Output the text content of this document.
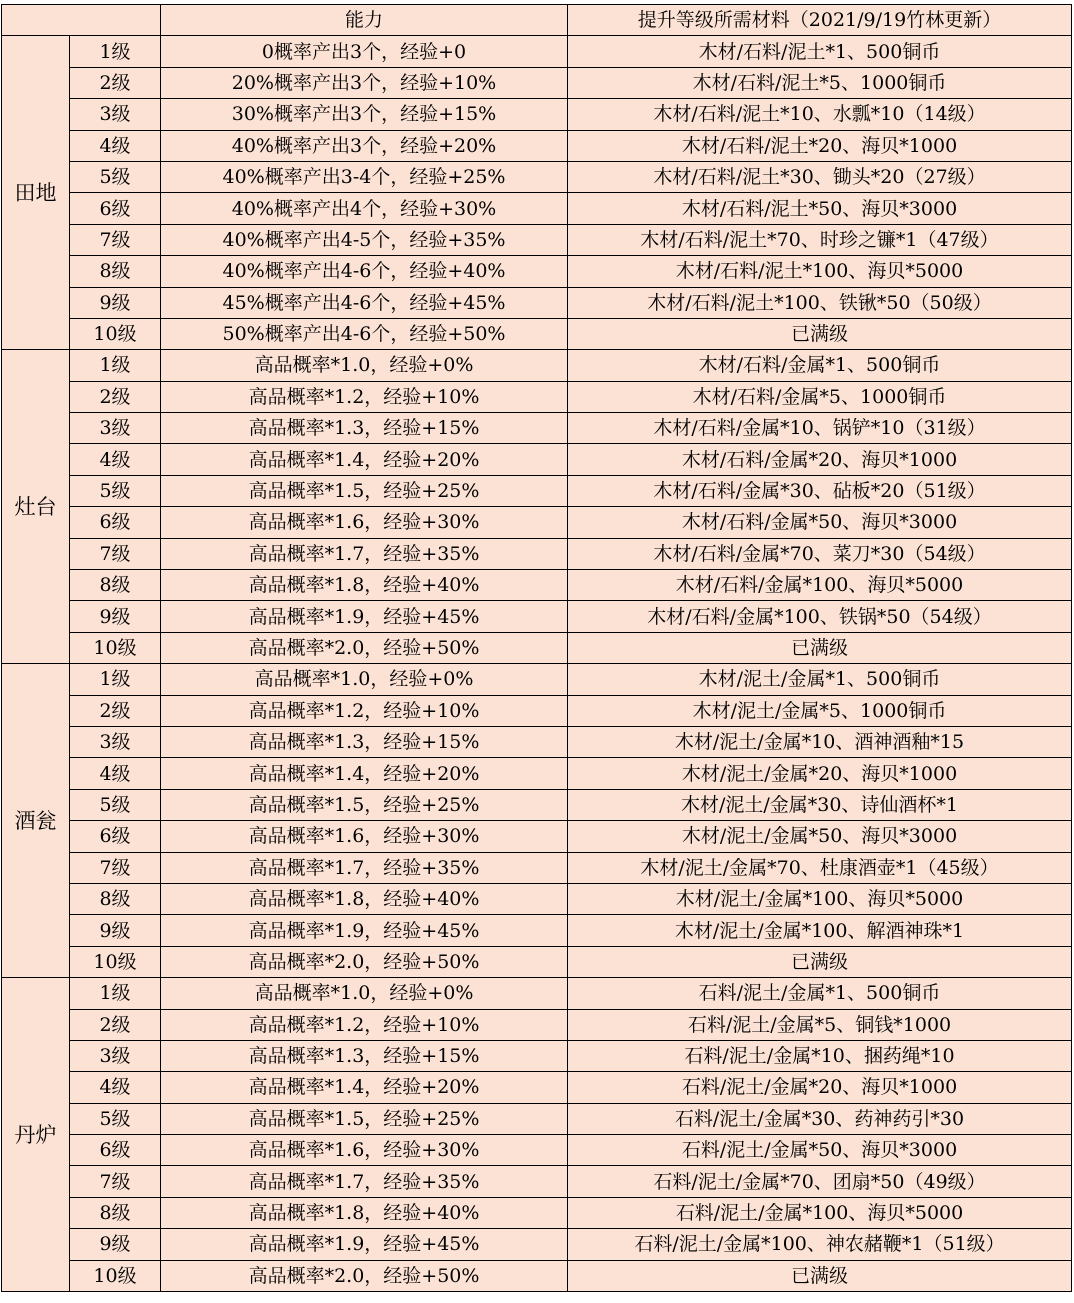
		能力	提升等级所需材料（2021/9/19竹林更新）
田地	1级	0概率产出3个，经验+0	木材/石料/泥土*1、500铜币
	2级	20%概率产出3个，经验+10%	木材/石料/泥土*5、1000铜币
	3级	30%概率产出3个，经验+15%	木材/石料/泥土*10、水瓢*10（14级）
	4级	40%概率产出3个，经验+20%	木材/石料/泥土*20、海贝*1000
	5级	40%概率产出3-4个，经验+25%	木材/石料/泥土*30、锄头*20（27级）
	6级	40%概率产出4个，经验+30%	木材/石料/泥土*50、海贝*3000
	7级	40%概率产出4-5个，经验+35%	木材/石料/泥土*70、时珍之镰*1（47级）
	8级	40%概率产出4-6个，经验+40%	木材/石料/泥土*100、海贝*5000
	9级	45%概率产出4-6个，经验+45%	木材/石料/泥土*100、铁锹*50（50级）
	10级	50%概率产出4-6个，经验+50%	已满级
灶台	1级	高品概率*1.0，经验+0%	木材/石料/金属*1、500铜币
	2级	高品概率*1.2，经验+10%	木材/石料/金属*5、1000铜币
	3级	高品概率*1.3，经验+15%	木材/石料/金属*10、锅铲*10（31级）
	4级	高品概率*1.4，经验+20%	木材/石料/金属*20、海贝*1000
	5级	高品概率*1.5，经验+25%	木材/石料/金属*30、砧板*20（51级）
	6级	高品概率*1.6，经验+30%	木材/石料/金属*50、海贝*3000
	7级	高品概率*1.7，经验+35%	木材/石料/金属*70、菜刀*30（54级）
	8级	高品概率*1.8，经验+40%	木材/石料/金属*100、海贝*5000
	9级	高品概率*1.9，经验+45%	木材/石料/金属*100、铁锅*50（54级）
	10级	高品概率*2.0，经验+50%	已满级
酒瓮	1级	高品概率*1.0，经验+0%	木材/泥土/金属*1、500铜币
	2级	高品概率*1.2，经验+10%	木材/泥土/金属*5、1000铜币
	3级	高品概率*1.3，经验+15%	木材/泥土/金属*10、酒神酒釉*15
	4级	高品概率*1.4，经验+20%	木材/泥土/金属*20、海贝*1000
	5级	高品概率*1.5，经验+25%	木材/泥土/金属*30、诗仙酒杯*1
	6级	高品概率*1.6，经验+30%	木材/泥土/金属*50、海贝*3000
	7级	高品概率*1.7，经验+35%	木材/泥土/金属*70、杜康酒壶*1（45级）
	8级	高品概率*1.8，经验+40%	木材/泥土/金属*100、海贝*5000
	9级	高品概率*1.9，经验+45%	木材/泥土/金属*100、解酒神珠*1
	10级	高品概率*2.0，经验+50%	已满级
丹炉	1级	高品概率*1.0，经验+0%	石料/泥土/金属*1、500铜币
	2级	高品概率*1.2，经验+10%	石料/泥土/金属*5、铜钱*1000
	3级	高品概率*1.3，经验+15%	石料/泥土/金属*10、捆药绳*10
	4级	高品概率*1.4，经验+20%	石料/泥土/金属*20、海贝*1000
	5级	高品概率*1.5，经验+25%	石料/泥土/金属*30、药神药引*30
	6级	高品概率*1.6，经验+30%	石料/泥土/金属*50、海贝*3000
	7级	高品概率*1.7，经验+35%	石料/泥土/金属*70、团扇*50（49级）
	8级	高品概率*1.8，经验+40%	石料/泥土/金属*100、海贝*5000
	9级	高品概率*1.9，经验+45%	石料/泥土/金属*100、神农赭鞭*1（51级）
	10级	高品概率*2.0，经验+50%	已满级
